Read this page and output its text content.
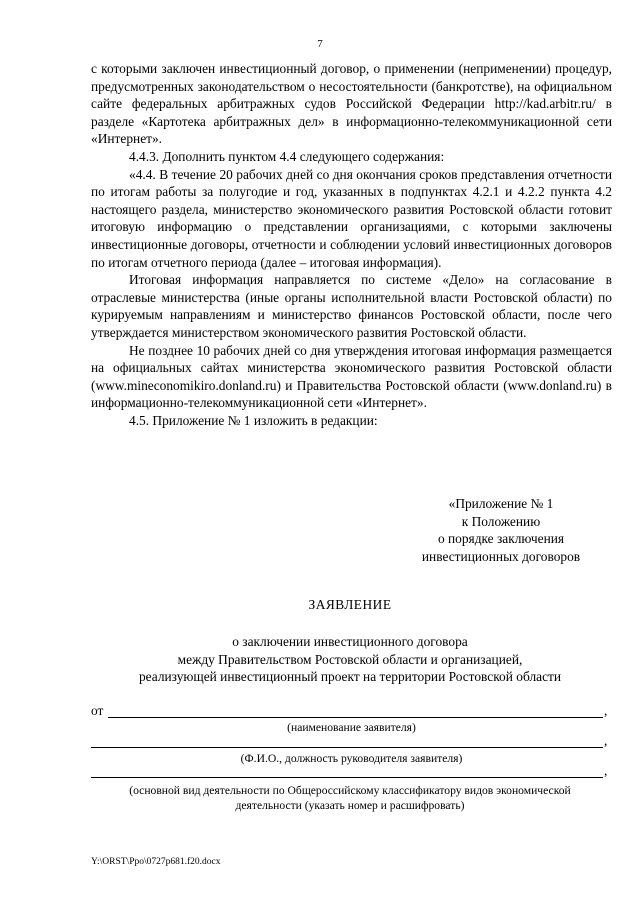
7

с которыми заключен инвестиционный договор, о применении (неприменении) процедур, предусмотренных законодательством о несостоятельности (банкротстве), на официальном сайте федеральных арбитражных судов Российской Федерации http://kad.arbitr.ru/ в разделе «Картотека арбитражных дел» в информационно-телекоммуникационной сети «Интернет».

4.4.3. Дополнить пунктом 4.4 следующего содержания:

«4.4. В течение 20 рабочих дней со дня окончания сроков представления отчетности по итогам работы за полугодие и год, указанных в подпунктах 4.2.1 и 4.2.2 пункта 4.2 настоящего раздела, министерство экономического развития Ростовской области готовит итоговую информацию о представлении организациями, с которыми заключены инвестиционные договоры, отчетности и соблюдении условий инвестиционных договоров по итогам отчетного периода (далее – итоговая информация).

Итоговая информация направляется по системе «Дело» на согласование в отраслевые министерства (иные органы исполнительной власти Ростовской области) по курируемым направлениям и министерство финансов Ростовской области, после чего утверждается министерством экономического развития Ростовской области.

Не позднее 10 рабочих дней со дня утверждения итоговая информация размещается на официальных сайтах министерства экономического развития Ростовской области (www.mineconomikiro.donland.ru) и Правительства Ростовской области (www.donland.ru) в информационно-телекоммуникационной сети «Интернет».

4.5. Приложение № 1 изложить в редакции:

«Приложение № 1
к Положению
о порядке заключения
инвестиционных договоров
ЗАЯВЛЕНИЕ
о заключении инвестиционного договора
между Правительством Ростовской области и организацией,
реализующей инвестиционный проект на территории Ростовской области
от	,
(наименование заявителя)
,
(Ф.И.О., должность руководителя заявителя)
,
(основной вид деятельности по Общероссийскому классификатору видов экономической
деятельности (указать номер и расшифровать)
Y:\ORST\Ppo\0727p681.f20.docx
